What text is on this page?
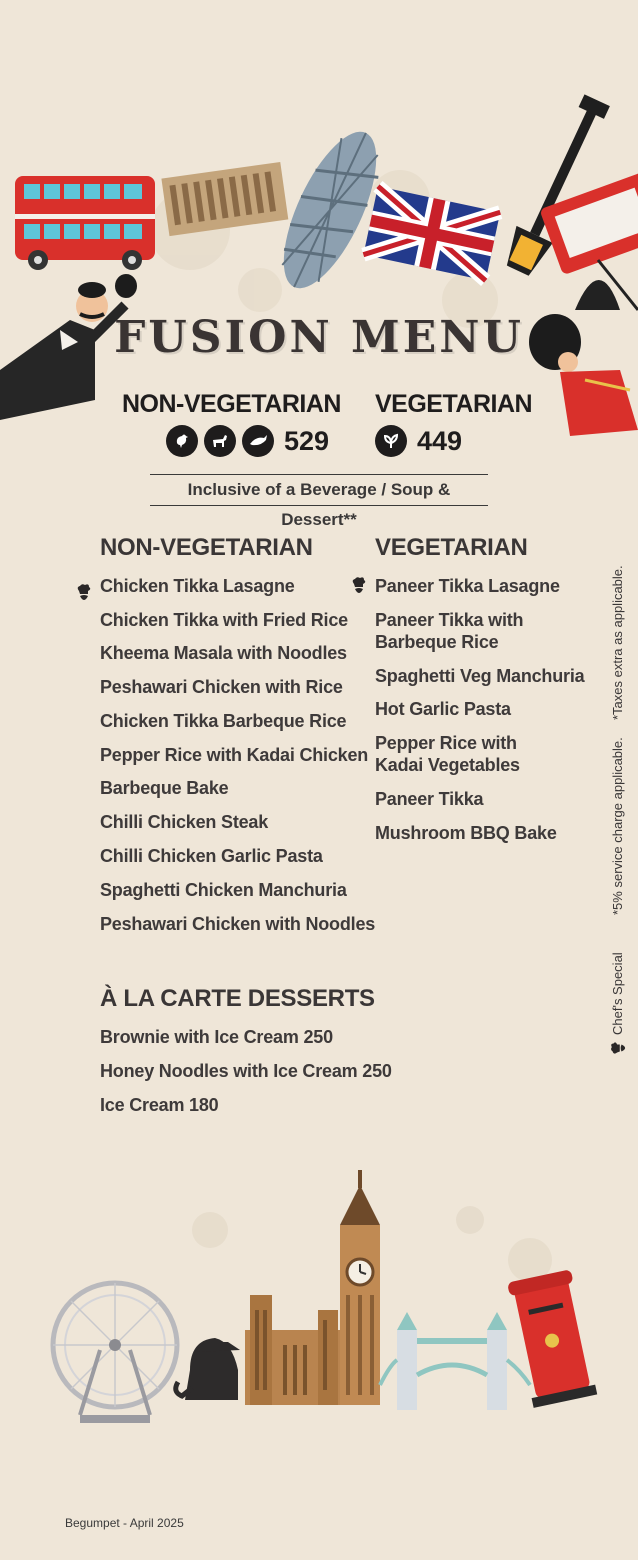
FUSION MENU
NON-VEGETARIAN
529
VEGETARIAN
449
Inclusive of a Beverage / Soup & Dessert**
NON-VEGETARIAN
Chicken Tikka Lasagne
Chicken Tikka with Fried Rice
Kheema Masala with Noodles
Peshawari Chicken with Rice
Chicken Tikka Barbeque Rice
Pepper Rice with Kadai Chicken
Barbeque Bake
Chilli Chicken Steak
Chilli Chicken Garlic Pasta
Spaghetti Chicken Manchuria
Peshawari Chicken with Noodles
VEGETARIAN
Paneer Tikka Lasagne
Paneer Tikka with
Barbeque Rice
Spaghetti Veg Manchuria
Hot Garlic Pasta
Pepper Rice with
Kadai Vegetables
Paneer Tikka
Mushroom BBQ Bake
À LA CARTE DESSERTS
Brownie with Ice Cream 250
Honey Noodles with Ice Cream 250
Ice Cream 180
*Taxes extra as applicable.
*5% service charge applicable.
Chef's Special
Begumpet - April 2025
